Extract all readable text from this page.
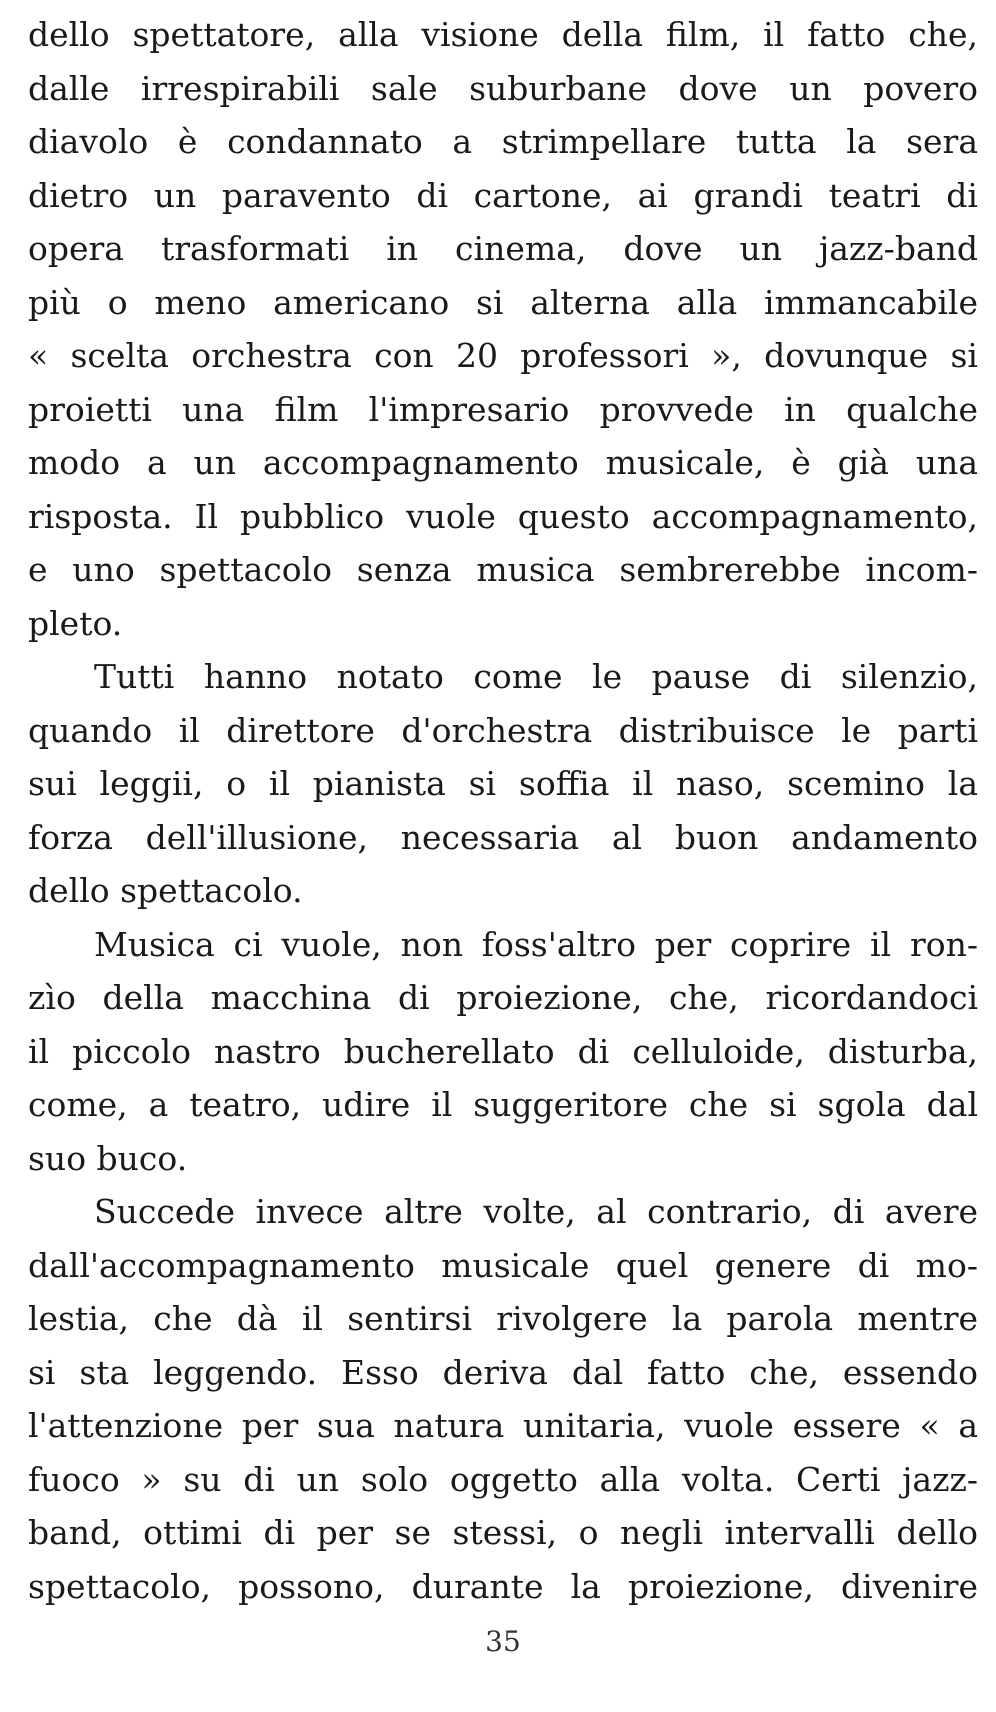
dello spettatore, alla visione della film, il fatto che,
dalle irrespirabili sale suburbane dove un povero
diavolo è condannato a strimpellare tutta la sera
dietro un paravento di cartone, ai grandi teatri di
opera trasformati in cinema, dove un jazz-band
più o meno americano si alterna alla immancabile
« scelta orchestra con 20 professori », dovunque si
proietti una film l'impresario provvede in qualche
modo a un accompagnamento musicale, è già una
risposta. Il pubblico vuole questo accompagnamento,
e uno spettacolo senza musica sembrerebbe incom-
pleto.
Tutti hanno notato come le pause di silenzio,
quando il direttore d'orchestra distribuisce le parti
sui leggii, o il pianista si soffia il naso, scemino la
forza dell'illusione, necessaria al buon andamento
dello spettacolo.
Musica ci vuole, non foss'altro per coprire il ron-
zìo della macchina di proiezione, che, ricordandoci
il piccolo nastro bucherellato di celluloide, disturba,
come, a teatro, udire il suggeritore che si sgola dal
suo buco.
Succede invece altre volte, al contrario, di avere
dall'accompagnamento musicale quel genere di mo-
lestia, che dà il sentirsi rivolgere la parola mentre
si sta leggendo. Esso deriva dal fatto che, essendo
l'attenzione per sua natura unitaria, vuole essere « a
fuoco » su di un solo oggetto alla volta. Certi jazz-
band, ottimi di per se stessi, o negli intervalli dello
spettacolo, possono, durante la proiezione, divenire
35
